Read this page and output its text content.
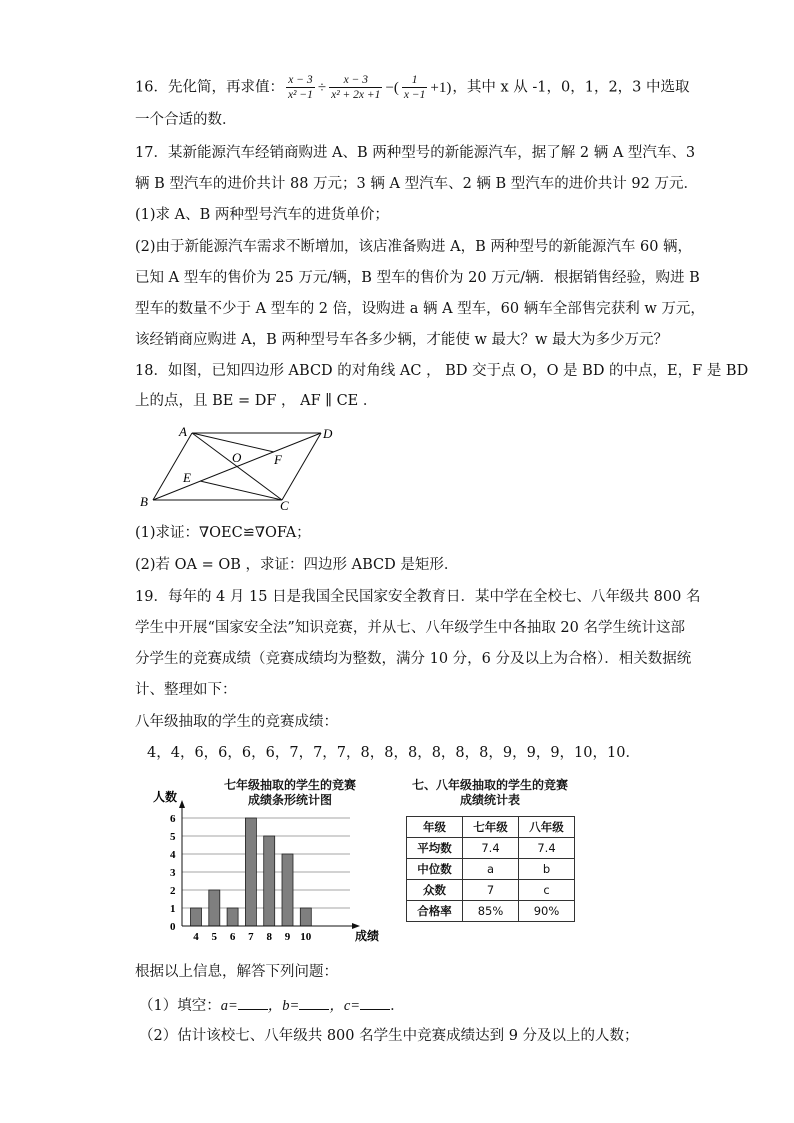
16．先化简，再求值： $\frac{x - 3}{\text{x² −1}} \div \frac{x - 3}{\text{x² + 2x +1}}$ −( $\frac{1}{x -1} +1$)，其中 x 从 -1，0，1，2，3 中选取
一个合适的数．
17．某新能源汽车经销商购进 A、B 两种型号的新能源汽车，据了解 2 辆 A 型汽车、3
辆 B 型汽车的进价共计 88 万元；3 辆 A 型汽车、2 辆 B 型汽车的进价共计 92 万元．
(1)求 A、B 两种型号汽车的进货单价；
(2)由于新能源汽车需求不断增加，该店准备购进 A，B 两种型号的新能源汽车 60 辆，
已知 A 型车的售价为 25 万元/辆，B 型车的售价为 20 万元/辆．根据销售经验，购进 B
型车的数量不少于 A 型车的 2 倍，设购进 a 辆 A 型车，60 辆车全部售完获利 w 万元，
该经销商应购进 A，B 两种型号车各多少辆，才能使 w 最大？w 最大为多少万元？
18．如图，已知四边形 ABCD 的对角线 AC ， BD 交于点 O，O 是 BD 的中点，E，F 是 BD
上的点，且 BE = DF ， AF ∥ CE ．
A	D
B	C
O	F
E
(1)求证：∇OEC≌∇OFA；
(2)若 OA = OB ，求证：四边形 ABCD 是矩形．
19．每年的 4 月 15 日是我国全民国家安全教育日．某中学在全校七、八年级共 800 名
学生中开展“国家安全法”知识竞赛，并从七、八年级学生中各抽取 20 名学生统计这部
分学生的竞赛成绩（竞赛成绩均为整数，满分 10 分，6 分及以上为合格）．相关数据统
计、整理如下：
八年级抽取的学生的竞赛成绩：
4，4，6，6，6，6，7，7，7，8，8，8，8，8，8，9，9，9，10，10．
七年级抽取的学生的竞赛
成绩条形统计图
人数
0
1
2
3
4
5
6
4 5 6 7 8 9 10	成绩
七、八年级抽取的学生的竞赛
成绩统计表
年级	七年级	八年级
平均数	7.4	7.4
中位数	a	b
众数	7	c
合格率	85%	90%
根据以上信息，解答下列问题：
（1）填空：a= ，b= ，c= ．
（2）估计该校七、八年级共 800 名学生中竞赛成绩达到 9 分及以上的人数；
